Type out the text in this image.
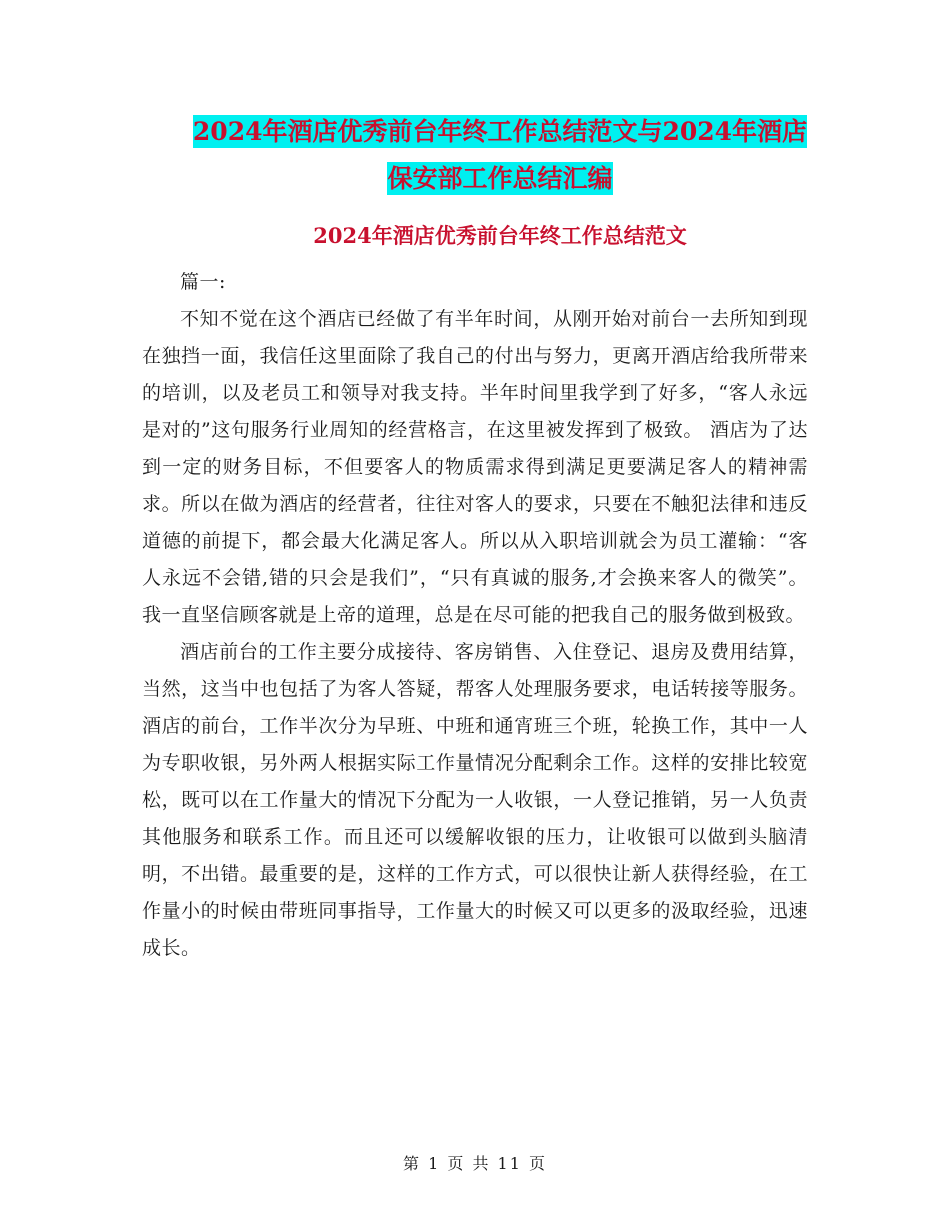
2024年酒店优秀前台年终工作总结范文与2024年酒店
保安部工作总结汇编
2024年酒店优秀前台年终工作总结范文

篇一:

不知不觉在这个酒店已经做了有半年时间，从刚开始对前台一去所知到现在独挡一面，我信任这里面除了我自己的付出与努力，更离开酒店给我所带来的培训，以及老员工和领导对我支持。半年时间里我学到了好多，“客人永远是对的”这句服务行业周知的经营格言，在这里被发挥到了极致。 酒店为了达到一定的财务目标，不但要客人的物质需求得到满足更要满足客人的精神需求。所以在做为酒店的经营者，往往对客人的要求，只要在不触犯法律和违反道德的前提下，都会最大化满足客人。所以从入职培训就会为员工灌输：“客人永远不会错,错的只会是我们”，“只有真诚的服务,才会换来客人的微笑”。 我一直坚信顾客就是上帝的道理，总是在尽可能的把我自己的服务做到极致。

酒店前台的工作主要分成接待、客房销售、入住登记、退房及费用结算，当然，这当中也包括了为客人答疑，帮客人处理服务要求，电话转接等服务。酒店的前台，工作半次分为早班、中班和通宵班三个班，轮换工作，其中一人为专职收银，另外两人根据实际工作量情况分配剩余工作。这样的安排比较宽松，既可以在工作量大的情况下分配为一人收银，一人登记推销，另一人负责其他服务和联系工作。而且还可以缓解收银的压力，让收银可以做到头脑清明，不出错。最重要的是，这样的工作方式，可以很快让新人获得经验，在工作量小的时候由带班同事指导，工作量大的时候又可以更多的汲取经验，迅速成长。

第 1 页 共 11 页
